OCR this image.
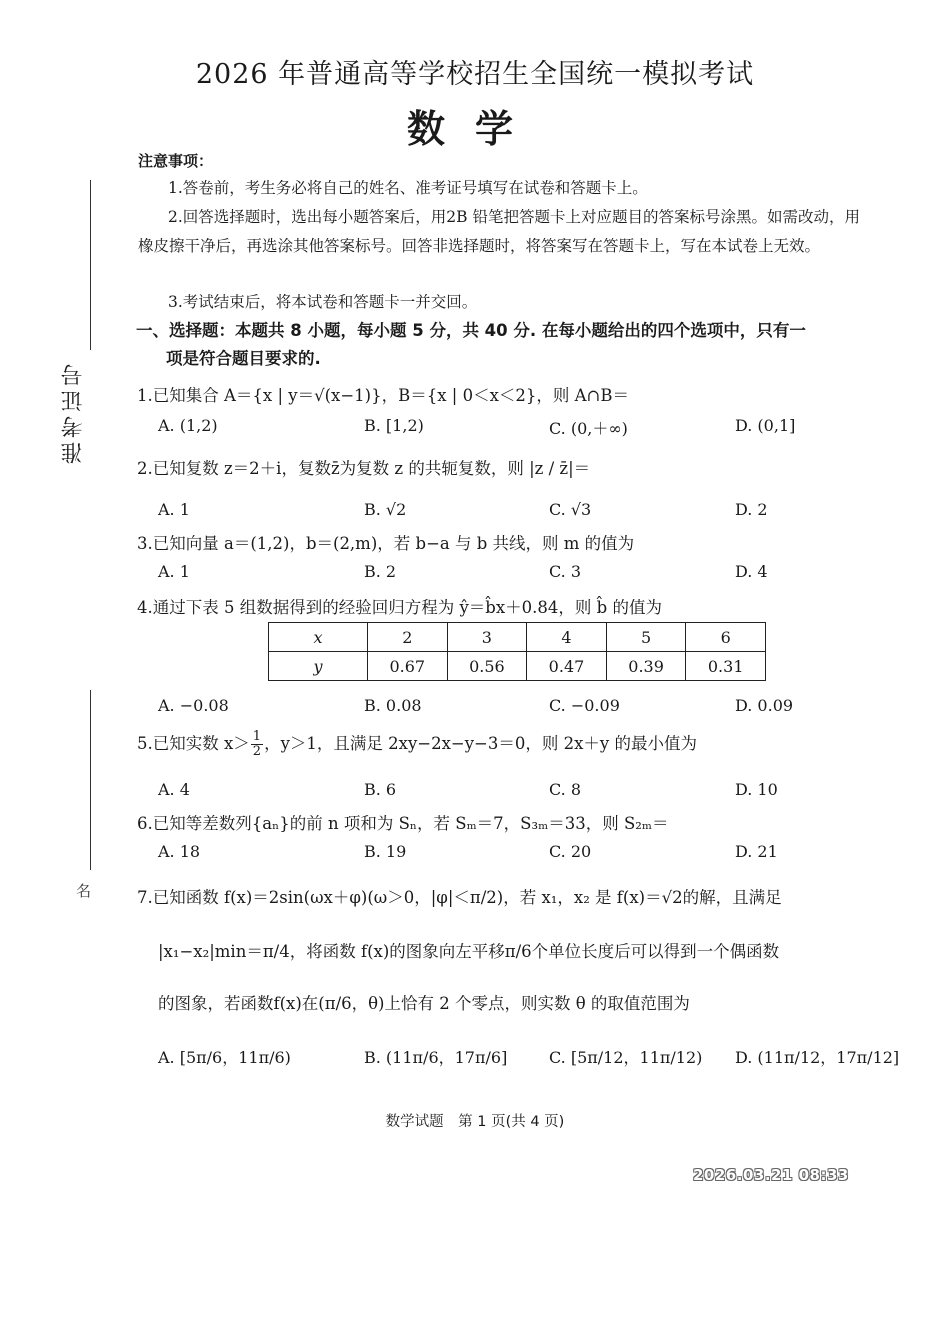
2026 年普通高等学校招生全国统一模拟考试
数学
准考证号
名
注意事项：
1.答卷前，考生务必将自己的姓名、准考证号填写在试卷和答题卡上。
2.回答选择题时，选出每小题答案后，用2B 铅笔把答题卡上对应题目的答案标号涂黑。如需改动，用橡皮擦干净后，再选涂其他答案标号。回答非选择题时，将答案写在答题卡上，写在本试卷上无效。
3.考试结束后，将本试卷和答题卡一并交回。
一、选择题：本题共 8 小题，每小题 5 分，共 40 分. 在每小题给出的四个选项中，只有一
项是符合题目要求的.
1.已知集合 A＝{x | y＝√(x−1)}，B＝{x | 0＜x＜2}，则 A∩B＝
A. (1,2)	B. [1,2)	C. (0,＋∞)	D. (0,1]
2.已知复数 z＝2＋i，复数z̄为复数 z 的共轭复数，则 |z / z̄|＝
A. 1	B. √2	C. √3	D. 2
3.已知向量 a＝(1,2)，b＝(2,m)，若 b−a 与 b 共线，则 m 的值为
A. 1	B. 2	C. 3	D. 4
4.通过下表 5 组数据得到的经验回归方程为 ŷ＝b̂x＋0.84，则 b̂ 的值为
x	2	3	4	5	6
y	0.67	0.56	0.47	0.39	0.31
A. −0.08	B. 0.08	C. −0.09	D. 0.09
5.已知实数 $x> \frac{1}{2}$ ，y＞1，且满足 2xy−2x−y−3＝0，则 2x＋y 的最小值为
A. 4	B. 6	C. 8	D. 10
6.已知等差数列{aₙ}的前 n 项和为 Sₙ，若 Sₘ＝7，S₃ₘ＝33，则 S₂ₘ＝
A. 18	B. 19	C. 20	D. 21
7.已知函数 f(x)＝2sin(ωx＋φ)(ω＞0，|φ|＜π/2)，若 x₁，x₂ 是 f(x)＝√2的解，且满足
|x₁−x₂|min＝π/4，将函数 f(x)的图象向左平移π/6个单位长度后可以得到一个偶函数
的图象，若函数f(x)在(π/6，θ)上恰有 2 个零点，则实数 θ 的取值范围为
A. [5π/6，11π/6)	B. (11π/6，17π/6]	C. [5π/12，11π/12) D. (11π/12，17π/12]
数学试题　第 1 页(共 4 页)
2026.03.21 08:33
